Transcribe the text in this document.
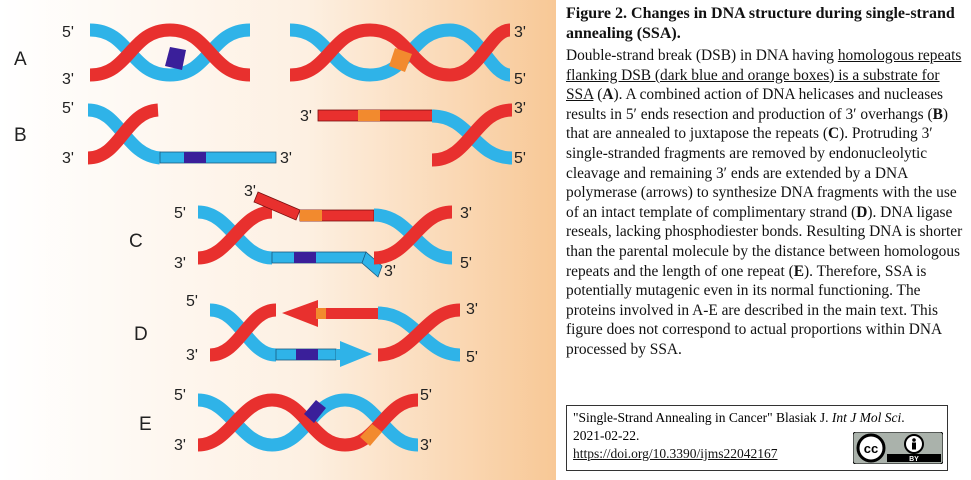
A
B
C
D
E
5'
3'
3'
5'
5'
3'	3'
3'	3'
5'
3'
5'
3'	3'
3'
5'
5'
3'
3'
5'
5'
3'
5'
3'

Figure 2. Changes in DNA structure during single-strand annealing (SSA).

Double-strand break (DSB) in DNA having homologous repeats flanking DSB (dark blue and orange boxes) is a substrate for SSA (A). A combined action of DNA helicases and nucleases results in 5′ ends resection and production of 3′ overhangs (B) that are annealed to juxtapose the repeats (C). Protruding 3′ single-stranded fragments are removed by endonucleolytic cleavage and remaining 3′ ends are extended by a DNA polymerase (arrows) to synthesize DNA fragments with the use of an intact template of complimentary strand (D). DNA ligase reseals, lacking phosphodiester bonds. Resulting DNA is shorter than the parental molecule by the distance between homologous repeats and the length of one repeat (E). Therefore, SSA is potentially mutagenic even in its normal functioning. The proteins involved in A-E are described in the main text. This figure does not correspond to actual proportions within DNA processed by SSA.

"Single-Strand Annealing in Cancer" Blasiak J. Int J Mol Sci.
2021-02-22.
https://doi.org/10.3390/ijms22042167	cc
BY
